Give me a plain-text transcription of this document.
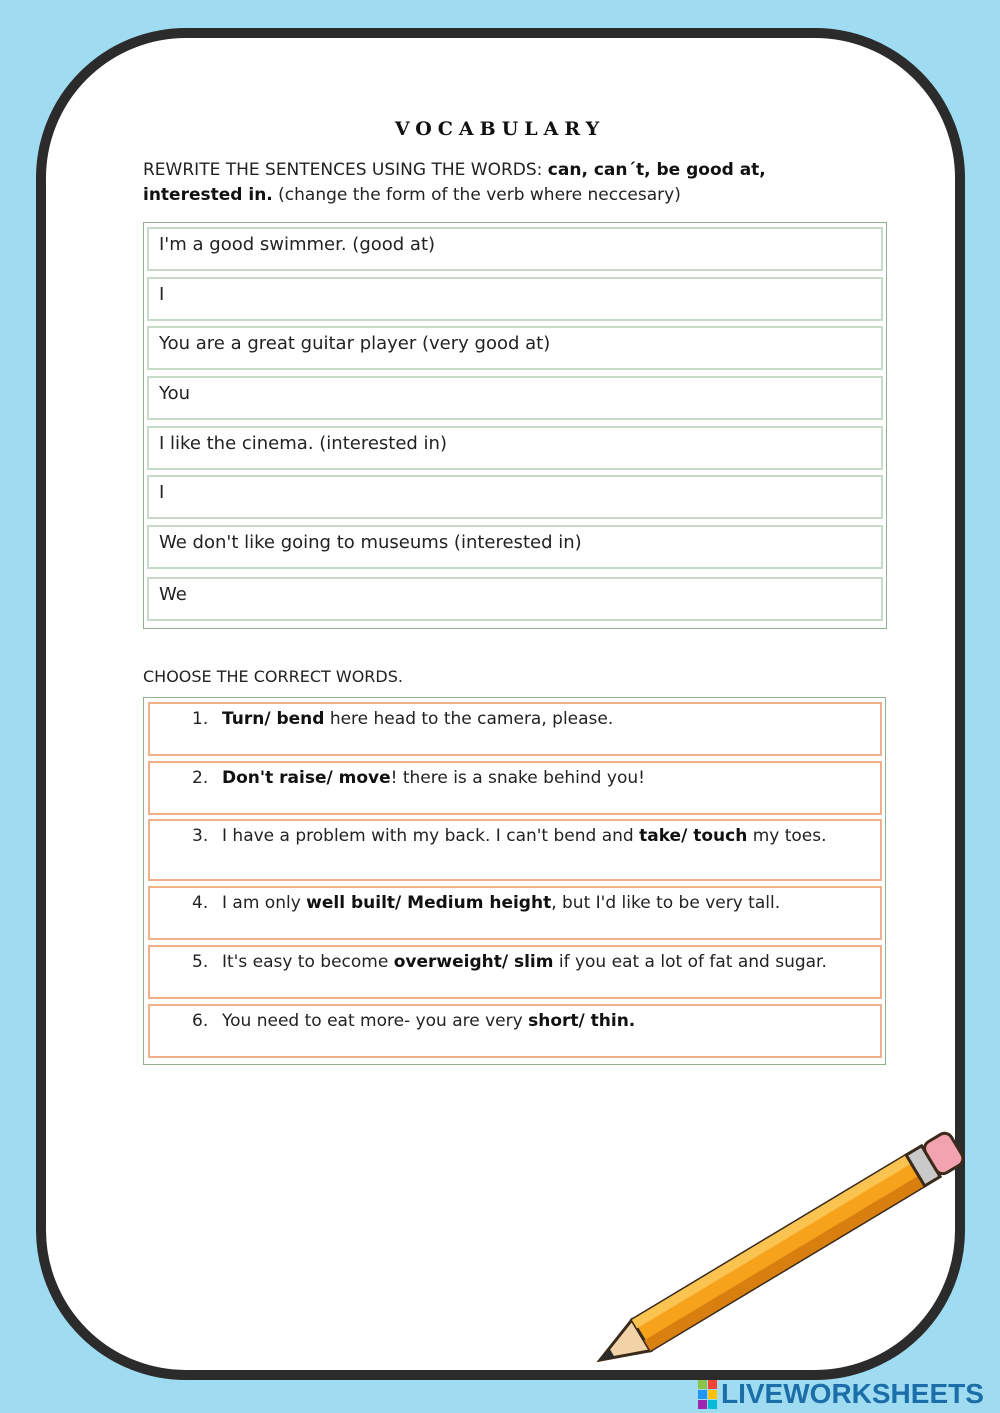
VOCABULARY
REWRITE THE SENTENCES USING THE WORDS: can, can´t, be good at, interested in. (change the form of the verb where neccesary)
I'm a good swimmer. (good at)
I
You are a great guitar player (very good at)
You
I like the cinema. (interested in)
I
We don't like going to museums (interested in)
We
CHOOSE THE CORRECT WORDS.
1. Turn/ bend here head to the camera, please.
2. Don't raise/ move! there is a snake behind you!
3. I have a problem with my back. I can't bend and take/ touch my toes.
4. I am only well built/ Medium height, but I'd like to be very tall.
5. It's easy to become overweight/ slim if you eat a lot of fat and sugar.
6. You need to eat more- you are very short/ thin.
LIVEWORKSHEETS
